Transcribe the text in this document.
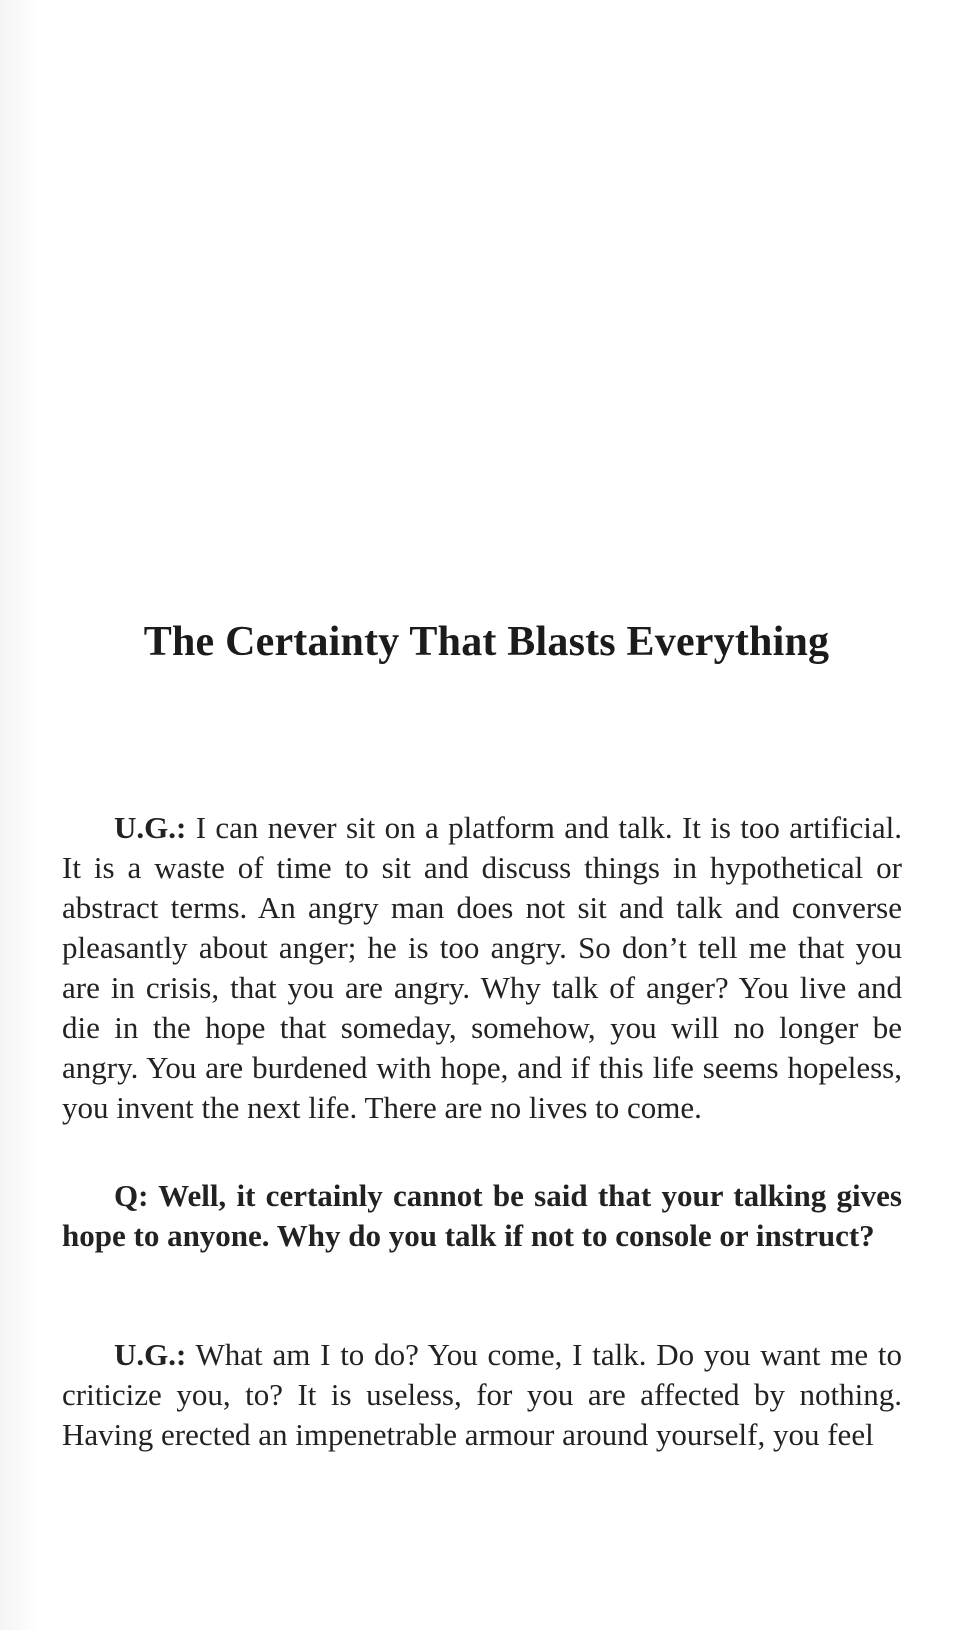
The Certainty That Blasts Everything

U.G.: I can never sit on a platform and talk. It is too artificial. It is a waste of time to sit and discuss things in hypothetical or abstract terms. An angry man does not sit and talk and converse pleasantly about anger; he is too angry. So don’t tell me that you are in crisis, that you are angry. Why talk of anger? You live and die in the hope that someday, somehow, you will no longer be angry. You are burdened with hope, and if this life seems hopeless, you invent the next life. There are no lives to come.

Q: Well, it certainly cannot be said that your talking gives hope to anyone. Why do you talk if not to console or instruct?

U.G.: What am I to do? You come, I talk. Do you want me to criticize you, to? It is useless, for you are affected by nothing. Having erected an impenetrable armour around yourself, you feel
